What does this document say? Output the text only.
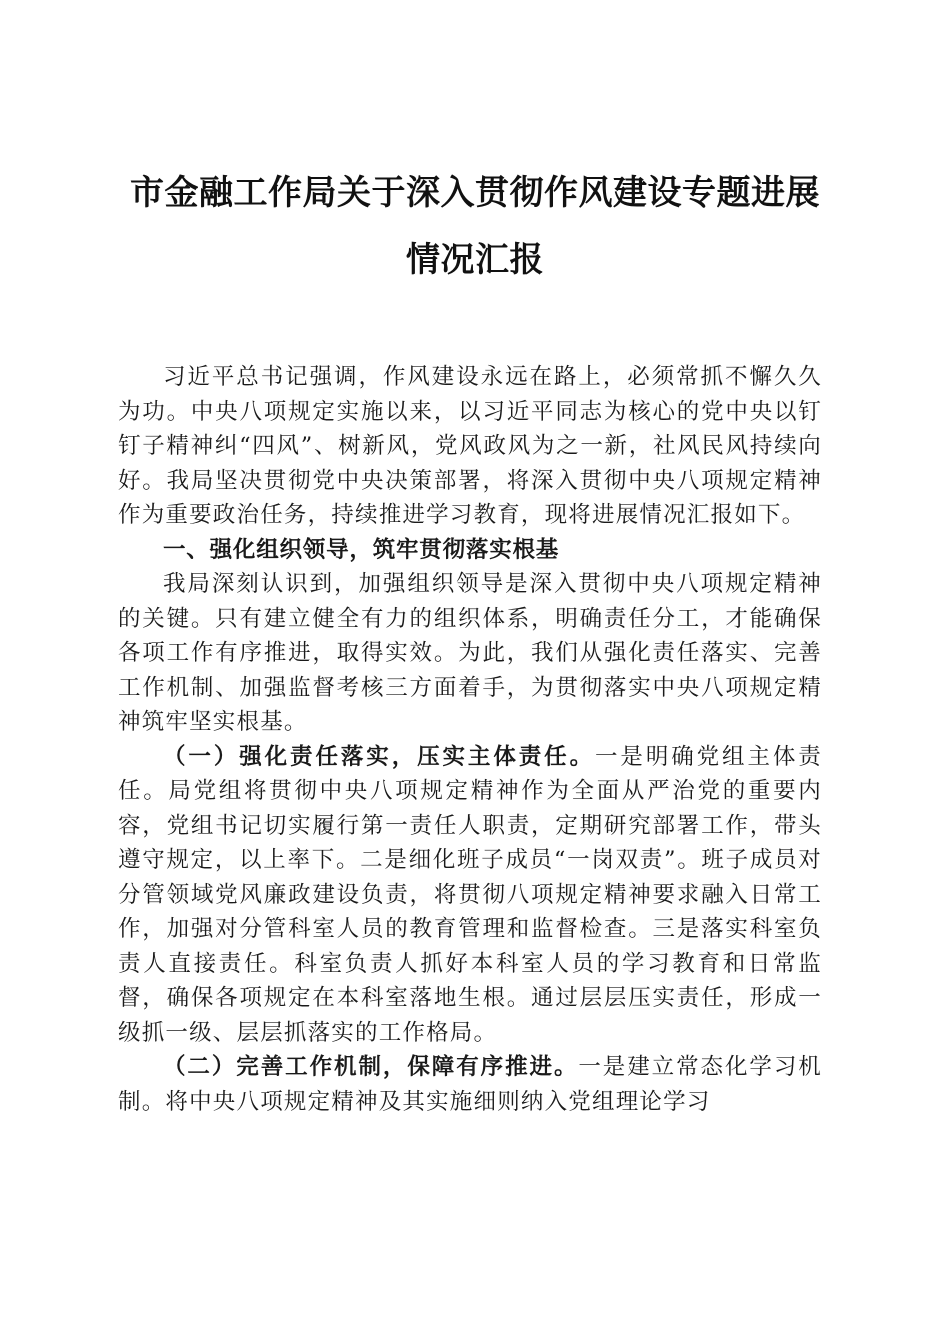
市金融工作局关于深入贯彻作风建设专题进展
情况汇报

习近平总书记强调，作风建设永远在路上，必须常抓不懈久久为功。中央八项规定实施以来，以习近平同志为核心的党中央以钉钉子精神纠“四风”、树新风，党风政风为之一新，社风民风持续向好。我局坚决贯彻党中央决策部署，将深入贯彻中央八项规定精神作为重要政治任务，持续推进学习教育，现将进展情况汇报如下。

一、强化组织领导，筑牢贯彻落实根基

我局深刻认识到，加强组织领导是深入贯彻中央八项规定精神的关键。只有建立健全有力的组织体系，明确责任分工，才能确保各项工作有序推进，取得实效。为此，我们从强化责任落实、完善工作机制、加强监督考核三方面着手，为贯彻落实中央八项规定精神筑牢坚实根基。

（一）强化责任落实，压实主体责任。一是明确党组主体责任。局党组将贯彻中央八项规定精神作为全面从严治党的重要内容，党组书记切实履行第一责任人职责，定期研究部署工作，带头遵守规定，以上率下。二是细化班子成员“一岗双责”。班子成员对分管领域党风廉政建设负责，将贯彻八项规定精神要求融入日常工作，加强对分管科室人员的教育管理和监督检查。三是落实科室负责人直接责任。科室负责人抓好本科室人员的学习教育和日常监督，确保各项规定在本科室落地生根。通过层层压实责任，形成一级抓一级、层层抓落实的工作格局。

（二）完善工作机制，保障有序推进。一是建立常态化学习机制。将中央八项规定精神及其实施细则纳入党组理论学习
